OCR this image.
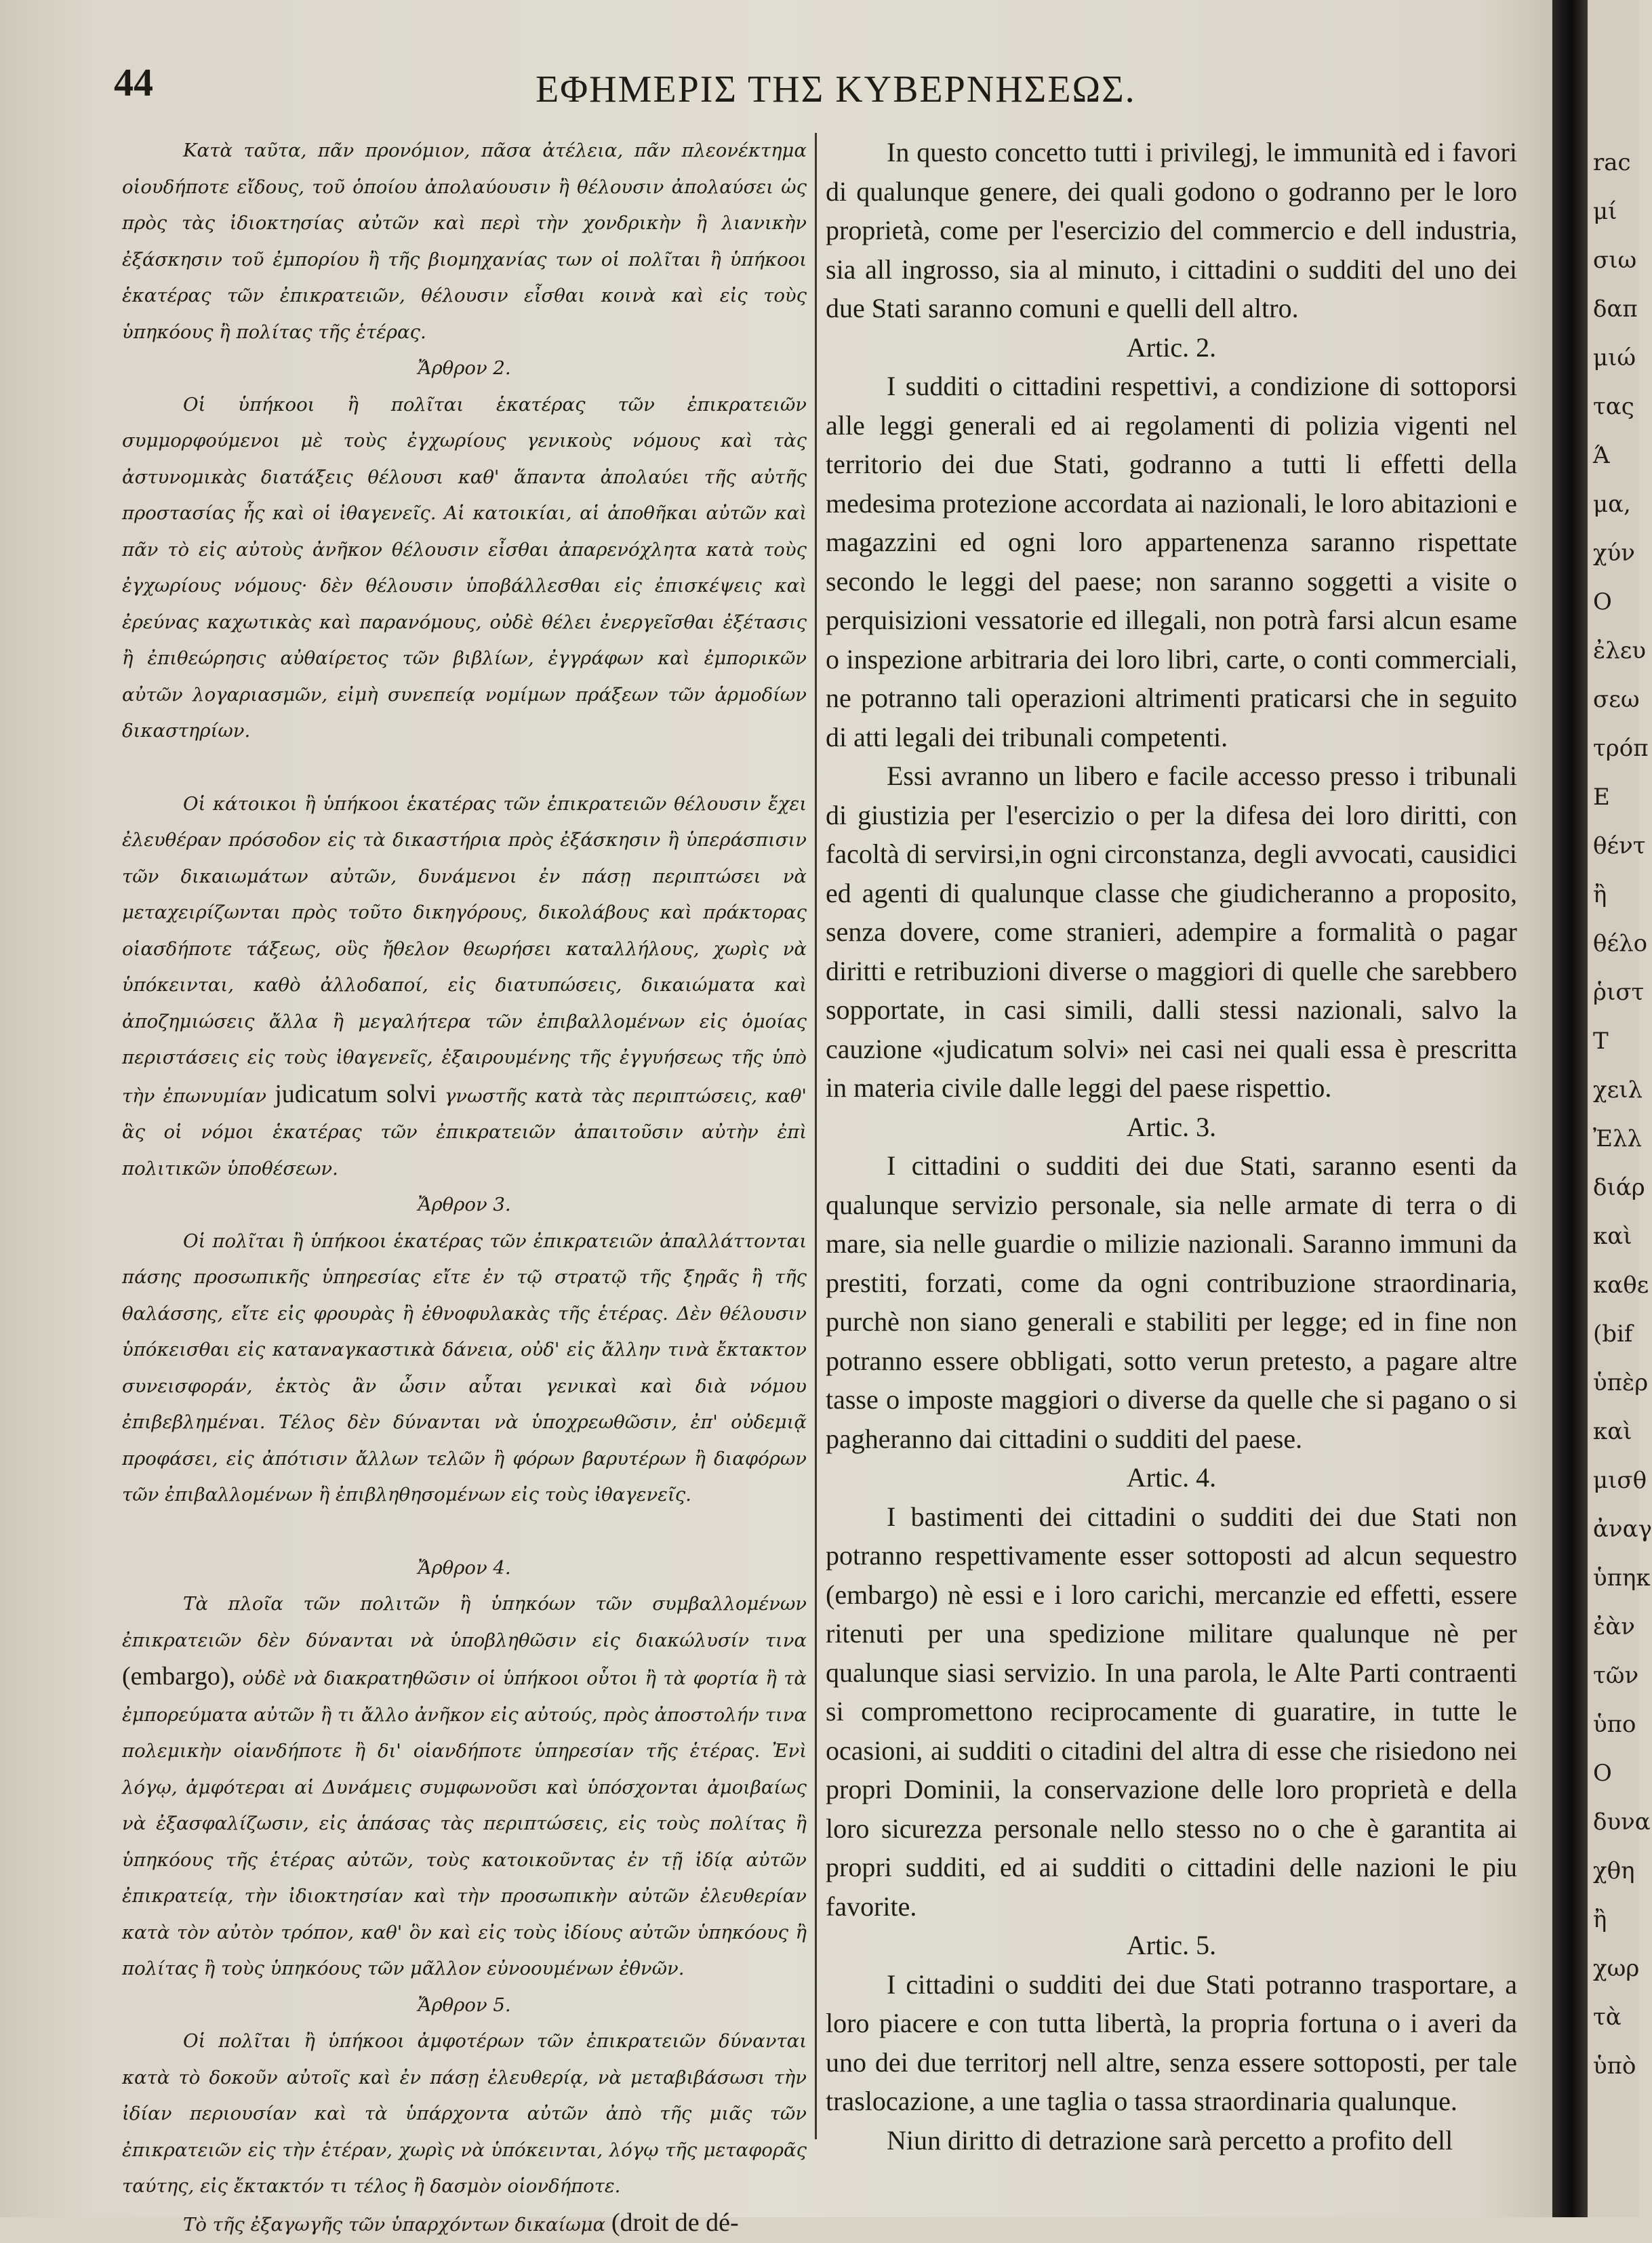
44	ΕΦΗΜΕΡΙΣ ΤΗΣ ΚΥΒΕΡΝΗΣΕΩΣ.

Κατὰ ταῦτα, πᾶν προνόμιον, πᾶσα ἀτέλεια, πᾶν πλεονέκτημα οἱουδήποτε εἴδους, τοῦ ὁποίου ἀπολαύουσιν ἢ θέλουσιν ἀπολαύσει ὡς πρὸς τὰς ἰδιοκτησίας αὐτῶν καὶ περὶ τὴν χονδρικὴν ἢ λιανικὴν ἐξάσκησιν τοῦ ἐμπορίου ἢ τῆς βιομηχανίας των οἱ πολῖται ἢ ὑπήκοοι ἑκατέρας τῶν ἐπικρατειῶν, θέλουσιν εἶσθαι κοινὰ καὶ εἰς τοὺς ὑπηκόους ἢ πολίτας τῆς ἑτέρας.

Ἄρθρον 2.

Οἱ ὑπήκοοι ἢ πολῖται ἑκατέρας τῶν ἐπικρατειῶν συμμορφούμενοι μὲ τοὺς ἐγχωρίους γενικοὺς νόμους καὶ τὰς ἀστυνομικὰς διατάξεις θέλουσι καθ' ἅπαντα ἀπολαύει τῆς αὐτῆς προστασίας ἧς καὶ οἱ ἰθαγενεῖς. Αἱ κατοικίαι, αἱ ἀποθῆκαι αὐτῶν καὶ πᾶν τὸ εἰς αὐτοὺς ἀνῆκον θέλουσιν εἶσθαι ἀπαρενόχλητα κατὰ τοὺς ἐγχωρίους νόμους· δὲν θέλουσιν ὑποβάλλεσθαι εἰς ἐπισκέψεις καὶ ἐρεύνας καχωτικὰς καὶ παρανόμους, οὐδὲ θέλει ἐνεργεῖσθαι ἐξέτασις ἢ ἐπιθεώρησις αὐθαίρετος τῶν βιβλίων, ἐγγράφων καὶ ἐμπορικῶν αὐτῶν λογαριασμῶν, εἰμὴ συνεπείᾳ νομίμων πράξεων τῶν ἁρμοδίων δικαστηρίων.

Οἱ κάτοικοι ἢ ὑπήκοοι ἑκατέρας τῶν ἐπικρατειῶν θέλουσιν ἔχει ἐλευθέραν πρόσοδον εἰς τὰ δικαστήρια πρὸς ἐξάσκησιν ἢ ὑπεράσπισιν τῶν δικαιωμάτων αὐτῶν, δυνάμενοι ἐν πάσῃ περιπτώσει νὰ μεταχειρίζωνται πρὸς τοῦτο δικηγόρους, δικολάβους καὶ πράκτορας οἱασδήποτε τάξεως, οὓς ἤθελον θεωρήσει καταλλήλους, χωρὶς νὰ ὑπόκεινται, καθὸ ἀλλοδαποί, εἰς διατυπώσεις, δικαιώματα καὶ ἀποζημιώσεις ἄλλα ἢ μεγαλήτερα τῶν ἐπιβαλλομένων εἰς ὁμοίας περιστάσεις εἰς τοὺς ἰθαγενεῖς, ἐξαιρουμένης τῆς ἐγγυήσεως τῆς ὑπὸ τὴν ἐπωνυμίαν judicatum solvi γνωστῆς κατὰ τὰς περιπτώσεις, καθ' ἃς οἱ νόμοι ἑκατέρας τῶν ἐπικρατειῶν ἀπαιτοῦσιν αὐτὴν ἐπὶ πολιτικῶν ὑποθέσεων.

Ἄρθρον 3.

Οἱ πολῖται ἢ ὑπήκοοι ἑκατέρας τῶν ἐπικρατειῶν ἀπαλλάττονται πάσης προσωπικῆς ὑπηρεσίας εἴτε ἐν τῷ στρατῷ τῆς ξηρᾶς ἢ τῆς θαλάσσης, εἴτε εἰς φρουρὰς ἢ ἐθνοφυλακὰς τῆς ἑτέρας. Δὲν θέλουσιν ὑπόκεισθαι εἰς καταναγκαστικὰ δάνεια, οὐδ' εἰς ἄλλην τινὰ ἔκτακτον συνεισφοράν, ἐκτὸς ἂν ὦσιν αὗται γενικαὶ καὶ διὰ νόμου ἐπιβεβλημέναι. Τέλος δὲν δύνανται νὰ ὑποχρεωθῶσιν, ἐπ' οὐδεμιᾷ προφάσει, εἰς ἀπότισιν ἄλλων τελῶν ἢ φόρων βαρυτέρων ἢ διαφόρων τῶν ἐπιβαλλομένων ἢ ἐπιβληθησομένων εἰς τοὺς ἰθαγενεῖς.

Ἄρθρον 4.

Τὰ πλοῖα τῶν πολιτῶν ἢ ὑπηκόων τῶν συμβαλλομένων ἐπικρατειῶν δὲν δύνανται νὰ ὑποβληθῶσιν εἰς διακώλυσίν τινα (embargo), οὐδὲ νὰ διακρατηθῶσιν οἱ ὑπήκοοι οὗτοι ἢ τὰ φορτία ἢ τὰ ἐμπορεύματα αὐτῶν ἢ τι ἄλλο ἀνῆκον εἰς αὐτούς, πρὸς ἀποστολήν τινα πολεμικὴν οἱανδήποτε ἢ δι' οἱανδήποτε ὑπηρεσίαν τῆς ἑτέρας. Ἐνὶ λόγῳ, ἀμφότεραι αἱ Δυνάμεις συμφωνοῦσι καὶ ὑπόσχονται ἀμοιβαίως νὰ ἐξασφαλίζωσιν, εἰς ἁπάσας τὰς περιπτώσεις, εἰς τοὺς πολίτας ἢ ὑπηκόους τῆς ἑτέρας αὐτῶν, τοὺς κατοικοῦντας ἐν τῇ ἰδίᾳ αὐτῶν ἐπικρατείᾳ, τὴν ἰδιοκτησίαν καὶ τὴν προσωπικὴν αὐτῶν ἐλευθερίαν κατὰ τὸν αὐτὸν τρόπον, καθ' ὃν καὶ εἰς τοὺς ἰδίους αὐτῶν ὑπηκόους ἢ πολίτας ἢ τοὺς ὑπηκόους τῶν μᾶλλον εὐνοουμένων ἐθνῶν.

Ἄρθρον 5.

Οἱ πολῖται ἢ ὑπήκοοι ἀμφοτέρων τῶν ἐπικρατειῶν δύνανται κατὰ τὸ δοκοῦν αὐτοῖς καὶ ἐν πάσῃ ἐλευθερίᾳ, νὰ μεταβιβάσωσι τὴν ἰδίαν περιουσίαν καὶ τὰ ὑπάρχοντα αὐτῶν ἀπὸ τῆς μιᾶς τῶν ἐπικρατειῶν εἰς τὴν ἑτέραν, χωρὶς νὰ ὑπόκεινται, λόγῳ τῆς μεταφορᾶς ταύτης, εἰς ἔκτακτόν τι τέλος ἢ δασμὸν οἱονδήποτε.

Τὸ τῆς ἐξαγωγῆς τῶν ὑπαρχόντων δικαίωμα (droit de dé-

In questo concetto tutti i privilegj, le immunità ed i favori di qualunque genere, dei quali godono o godranno per le loro proprietà, come per l'esercizio del commercio e dell industria, sia all ingrosso, sia al minuto, i cittadini o sudditi del uno dei due Stati saranno comuni e quelli dell altro.

Artic. 2.

I sudditi o cittadini respettivi, a condizione di sottoporsi alle leggi generali ed ai regolamenti di polizia vigenti nel territorio dei due Stati, godranno a tutti li effetti della medesima protezione accordata ai nazionali, le loro abitazioni e magazzini ed ogni loro appartenenza saranno rispettate secondo le leggi del paese; non saranno soggetti a visite o perquisizioni vessatorie ed illegali, non potrà farsi alcun esame o inspezione arbitraria dei loro libri, carte, o conti commerciali, ne potranno tali operazioni altrimenti praticarsi che in seguito di atti legali dei tribunali competenti.

Essi avranno un libero e facile accesso presso i tribunali di giustizia per l'esercizio o per la difesa dei loro diritti, con facoltà di servirsi,in ogni circonstanza, degli avvocati, causidici ed agenti di qualunque classe che giudicheranno a proposito, senza dovere, come stranieri, adempire a formalità o pagar diritti e retribuzioni diverse o maggiori di quelle che sarebbero sopportate, in casi simili, dalli stessi nazionali, salvo la cauzione «judicatum solvi» nei casi nei quali essa è prescritta in materia civile dalle leggi del paese rispettio.

Artic. 3.

I cittadini o sudditi dei due Stati, saranno esenti da qualunque servizio personale, sia nelle armate di terra o di mare, sia nelle guardie o milizie nazionali. Saranno immuni da prestiti, forzati, come da ogni contribuzione straordinaria, purchè non siano generali e stabiliti per legge; ed in fine non potranno essere obbligati, sotto verun pretesto, a pagare altre tasse o imposte maggiori o diverse da quelle che si pagano o si pagheranno dai cittadini o sudditi del paese.

Artic. 4.

I bastimenti dei cittadini o sudditi dei due Stati non potranno respettivamente esser sottoposti ad alcun sequestro (embargo) nè essi e i loro carichi, mercanzie ed effetti, essere ritenuti per una spedizione militare qualunque nè per qualunque siasi servizio. In una parola, le Alte Parti contraenti si compromettono reciprocamente di guaratire, in tutte le ocasioni, ai sudditi o citadini del altra di esse che risiedono nei propri Dominii, la conservazione delle loro proprietà e della loro sicurezza personale nello stesso no o che è garantita ai propri sudditi, ed ai sudditi o cittadini delle nazioni le piu favorite.

Artic. 5.

I cittadini o sudditi dei due Stati potranno trasportare, a loro piacere e con tutta libertà, la propria fortuna o i averi da uno dei due territorj nell altre, senza essere sottoposti, per tale traslocazione, a une taglia o tassa straordinaria qualunque.

Niun diritto di detrazione sarà percetto a profito dell

rac
μί
σιω
δαπ
μιώ
τας
Ά
μα,
χύν
Ο
ἐλευ
σεω
τρόπ
Ε
θέντ
ἢ
θέλο
ῥιστ
Τ
χειλ
Ἐλλ
διάρ
καὶ
καθε
(bif
ὑπὲρ
καὶ
μισθ
ἀναγ
ὑπηκ
ἐὰν
τῶν
ὑπο
Ο
δυνα
χθη
ἢ
χωρ
τὰ
ὑπὸ
